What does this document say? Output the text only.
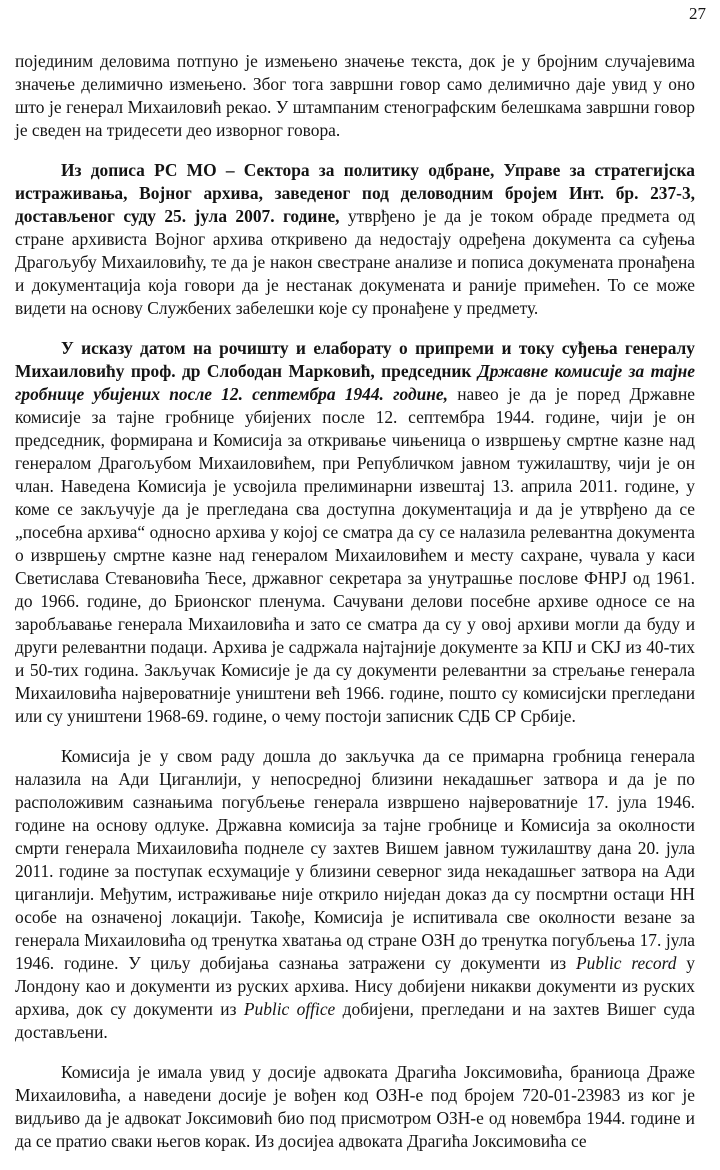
27

појединим деловима потпуно је измењено значење текста, док је у бројним случајевима значење делимично измењено. Због тога завршни говор само делимично даје увид у оно што је генерал Михаиловић рекао. У штампаним стенографским белешкама завршни говор је сведен на тридесети део изворног говора.

Из дописа РС МО – Сектора за политику одбране, Управе за стратегијска истраживања, Војног архива, заведеног под деловодним бројем Инт. бр. 237-3, достављеног суду 25. јула 2007. године, утврђено је да је током обраде предмета од стране архивиста Војног архива откривено да недостају одређена документа са суђења Драгољубу Михаиловићу, те да је након свестране анализе и пописа докумената пронађена и документација која говори да је нестанак докумената и раније примећен. То се може видети на основу Службених забелешки које су пронађене у предмету.

У исказу датом на рочишту и елаборату о припреми и току суђења генералу Михаиловићу проф. др Слободан Марковић, председник Државне комисије за тајне гробнице убијених после 12. септембра 1944. године, навео је да је поред Државне комисије за тајне гробнице убијених после 12. септембра 1944. године, чији је он председник, формирана и Комисија за откривање чињеница о извршењу смртне казне над генералом Драгољубом Михаиловићем, при Републичком јавном тужилаштву, чији је он члан. Наведена Комисија је усвојила прелиминарни извештај 13. априла 2011. године, у коме се закључује да је прегледана сва доступна документација и да је утврђено да се „посебна архива“ односно архива у којој се сматра да су се налазила релевантна документа о извршењу смртне казне над генералом Михаиловићем и месту сахране, чувала у каси Светислава Стевановића Ћесе, државног секретара за унутрашње послове ФНРЈ од 1961. до 1966. године, до Брионског пленума. Сачувани делови посебне архиве односе се на заробљавање генерала Михаиловића и зато се сматра да су у овој архиви могли да буду и други релевантни подаци. Архива је садржала најтајније документе за КПЈ и СКЈ из 40-тих и 50-тих година. Закључак Комисије је да су документи релевантни за стрељање генерала Михаиловића највероватније уништени већ 1966. године, пошто су комисијски прегледани или су уништени 1968-69. године, о чему постоји записник СДБ СР Србије.

Комисија је у свом раду дошла до закључка да се примарна гробница генерала налазила на Ади Циганлији, у непосредној близини некадашњег затвора и да је по расположивим сазнањима погубљење генерала извршено највероватније 17. јула 1946. године на основу одлуке. Државна комисија за тајне гробнице и Комисија за околности смрти генерала Михаиловића поднеле су захтев Вишем јавном тужилаштву дана 20. јула 2011. године за поступак есхумације у близини северног зида некадашњег затвора на Ади циганлији. Међутим, истраживање није открило ниједан доказ да су посмртни остаци НН особе на означеној локацији. Такође, Комисија је испитивала све околности везане за генерала Михаиловића од тренутка хватања од стране ОЗН до тренутка погубљења 17. јула 1946. године. У циљу добијања сазнања затражени су документи из Public record у Лондону као и документи из руских архива. Нису добијени никакви документи из руских архива, док су документи из Public office добијени, прегледани и на захтев Вишег суда достављени.

Комисија је имала увид у досије адвоката Драгића Јоксимовића, браниоца Драже Михаиловића, а наведени досије је вођен код ОЗН-е под бројем 720-01-23983 из ког је видљиво да је адвокат Јоксимовић био под присмотром ОЗН-е од новембра 1944. године и да се пратио сваки његов корак. Из досијеа адвоката Драгића Јоксимовића се
